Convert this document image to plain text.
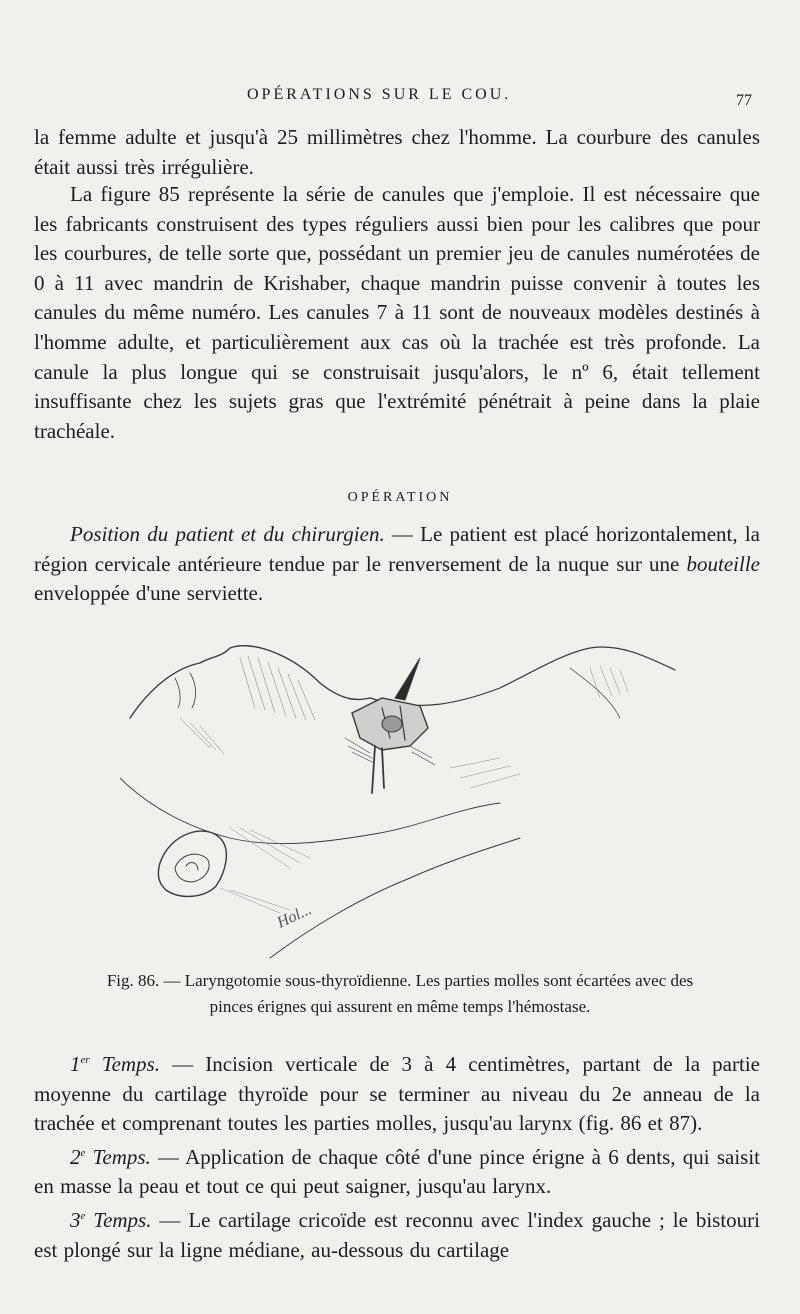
OPÉRATIONS SUR LE COU.	77

la femme adulte et jusqu'à 25 millimètres chez l'homme. La courbure des canules était aussi très irrégulière.

La figure 85 représente la série de canules que j'emploie. Il est nécessaire que les fabricants construisent des types réguliers aussi bien pour les calibres que pour les courbures, de telle sorte que, possédant un premier jeu de canules numérotées de 0 à 11 avec mandrin de Krishaber, chaque mandrin puisse convenir à toutes les canules du même numéro. Les canules 7 à 11 sont de nouveaux modèles destinés à l'homme adulte, et particulièrement aux cas où la trachée est très profonde. La canule la plus longue qui se construisait jusqu'alors, le nº 6, était tellement insuffisante chez les sujets gras que l'extrémité pénétrait à peine dans la plaie trachéale.

OPÉRATION

Position du patient et du chirurgien. — Le patient est placé horizontalement, la région cervicale antérieure tendue par le renversement de la nuque sur une bouteille enveloppée d'une serviette.

Hol...
Fig. 86. — Laryngotomie sous-thyroïdienne. Les parties molles sont écartées avec des pinces érignes qui assurent en même temps l'hémostase.

1er Temps. — Incision verticale de 3 à 4 centimètres, partant de la partie moyenne du cartilage thyroïde pour se terminer au niveau du 2e anneau de la trachée et comprenant toutes les parties molles, jusqu'au larynx (fig. 86 et 87).

2e Temps. — Application de chaque côté d'une pince érigne à 6 dents, qui saisit en masse la peau et tout ce qui peut saigner, jusqu'au larynx.

3e Temps. — Le cartilage cricoïde est reconnu avec l'index gauche ; le bistouri est plongé sur la ligne médiane, au-dessous du cartilage
